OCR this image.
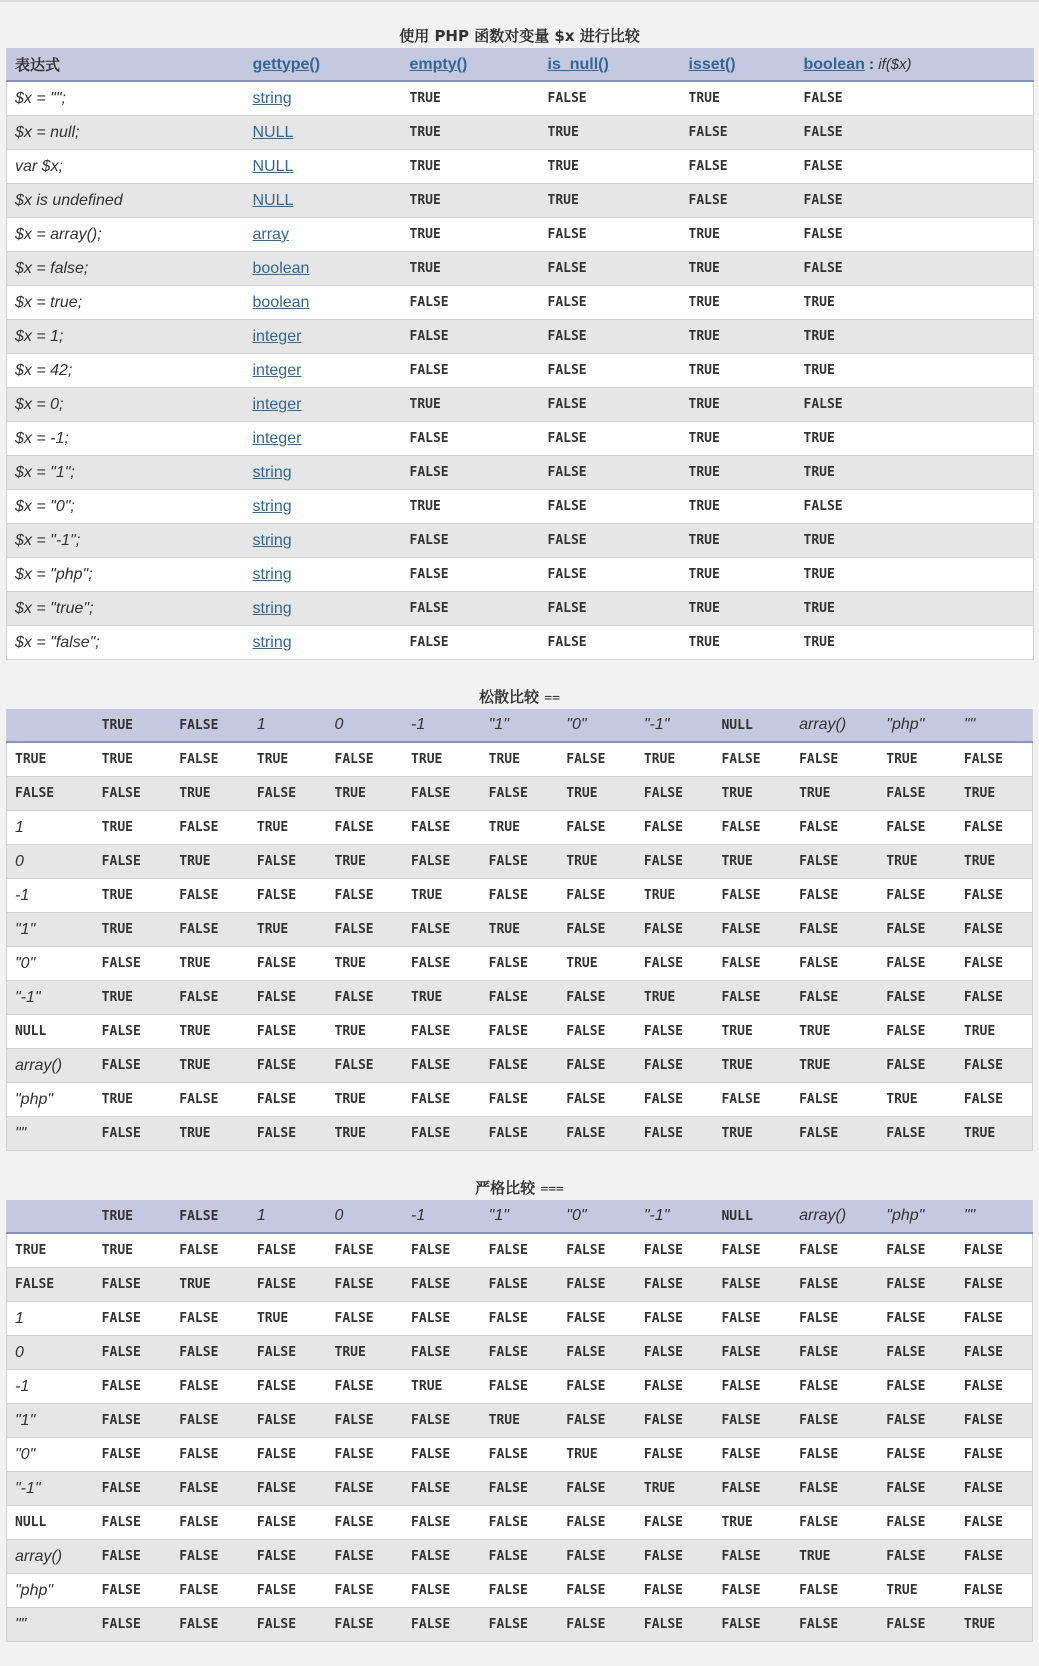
使用 PHP 函数对变量 $x 进行比较
表达式	gettype()	empty()	is_null()	isset()	boolean : if($x)
$x = "";	string	TRUE	FALSE	TRUE	FALSE
$x = null;	NULL	TRUE	TRUE	FALSE	FALSE
var $x;	NULL	TRUE	TRUE	FALSE	FALSE
$x is undefined	NULL	TRUE	TRUE	FALSE	FALSE
$x = array();	array	TRUE	FALSE	TRUE	FALSE
$x = false;	boolean	TRUE	FALSE	TRUE	FALSE
$x = true;	boolean	FALSE	FALSE	TRUE	TRUE
$x = 1;	integer	FALSE	FALSE	TRUE	TRUE
$x = 42;	integer	FALSE	FALSE	TRUE	TRUE
$x = 0;	integer	TRUE	FALSE	TRUE	FALSE
$x = -1;	integer	FALSE	FALSE	TRUE	TRUE
$x = "1";	string	FALSE	FALSE	TRUE	TRUE
$x = "0";	string	TRUE	FALSE	TRUE	FALSE
$x = "-1";	string	FALSE	FALSE	TRUE	TRUE
$x = "php";	string	FALSE	FALSE	TRUE	TRUE
$x = "true";	string	FALSE	FALSE	TRUE	TRUE
$x = "false";	string	FALSE	FALSE	TRUE	TRUE
松散比较 ==
	TRUE	FALSE	1	0	-1	"1"	"0"	"-1"	NULL	array()	"php"	""
TRUE	TRUE	FALSE	TRUE	FALSE	TRUE	TRUE	FALSE	TRUE	FALSE	FALSE	TRUE	FALSE
FALSE	FALSE	TRUE	FALSE	TRUE	FALSE	FALSE	TRUE	FALSE	TRUE	TRUE	FALSE	TRUE
1	TRUE	FALSE	TRUE	FALSE	FALSE	TRUE	FALSE	FALSE	FALSE	FALSE	FALSE	FALSE
0	FALSE	TRUE	FALSE	TRUE	FALSE	FALSE	TRUE	FALSE	TRUE	FALSE	TRUE	TRUE
-1	TRUE	FALSE	FALSE	FALSE	TRUE	FALSE	FALSE	TRUE	FALSE	FALSE	FALSE	FALSE
"1"	TRUE	FALSE	TRUE	FALSE	FALSE	TRUE	FALSE	FALSE	FALSE	FALSE	FALSE	FALSE
"0"	FALSE	TRUE	FALSE	TRUE	FALSE	FALSE	TRUE	FALSE	FALSE	FALSE	FALSE	FALSE
"-1"	TRUE	FALSE	FALSE	FALSE	TRUE	FALSE	FALSE	TRUE	FALSE	FALSE	FALSE	FALSE
NULL	FALSE	TRUE	FALSE	TRUE	FALSE	FALSE	FALSE	FALSE	TRUE	TRUE	FALSE	TRUE
array()	FALSE	TRUE	FALSE	FALSE	FALSE	FALSE	FALSE	FALSE	TRUE	TRUE	FALSE	FALSE
"php"	TRUE	FALSE	FALSE	TRUE	FALSE	FALSE	FALSE	FALSE	FALSE	FALSE	TRUE	FALSE
""	FALSE	TRUE	FALSE	TRUE	FALSE	FALSE	FALSE	FALSE	TRUE	FALSE	FALSE	TRUE
严格比较 ===
	TRUE	FALSE	1	0	-1	"1"	"0"	"-1"	NULL	array()	"php"	""
TRUE	TRUE	FALSE	FALSE	FALSE	FALSE	FALSE	FALSE	FALSE	FALSE	FALSE	FALSE	FALSE
FALSE	FALSE	TRUE	FALSE	FALSE	FALSE	FALSE	FALSE	FALSE	FALSE	FALSE	FALSE	FALSE
1	FALSE	FALSE	TRUE	FALSE	FALSE	FALSE	FALSE	FALSE	FALSE	FALSE	FALSE	FALSE
0	FALSE	FALSE	FALSE	TRUE	FALSE	FALSE	FALSE	FALSE	FALSE	FALSE	FALSE	FALSE
-1	FALSE	FALSE	FALSE	FALSE	TRUE	FALSE	FALSE	FALSE	FALSE	FALSE	FALSE	FALSE
"1"	FALSE	FALSE	FALSE	FALSE	FALSE	TRUE	FALSE	FALSE	FALSE	FALSE	FALSE	FALSE
"0"	FALSE	FALSE	FALSE	FALSE	FALSE	FALSE	TRUE	FALSE	FALSE	FALSE	FALSE	FALSE
"-1"	FALSE	FALSE	FALSE	FALSE	FALSE	FALSE	FALSE	TRUE	FALSE	FALSE	FALSE	FALSE
NULL	FALSE	FALSE	FALSE	FALSE	FALSE	FALSE	FALSE	FALSE	TRUE	FALSE	FALSE	FALSE
array()	FALSE	FALSE	FALSE	FALSE	FALSE	FALSE	FALSE	FALSE	FALSE	TRUE	FALSE	FALSE
"php"	FALSE	FALSE	FALSE	FALSE	FALSE	FALSE	FALSE	FALSE	FALSE	FALSE	TRUE	FALSE
""	FALSE	FALSE	FALSE	FALSE	FALSE	FALSE	FALSE	FALSE	FALSE	FALSE	FALSE	TRUE
